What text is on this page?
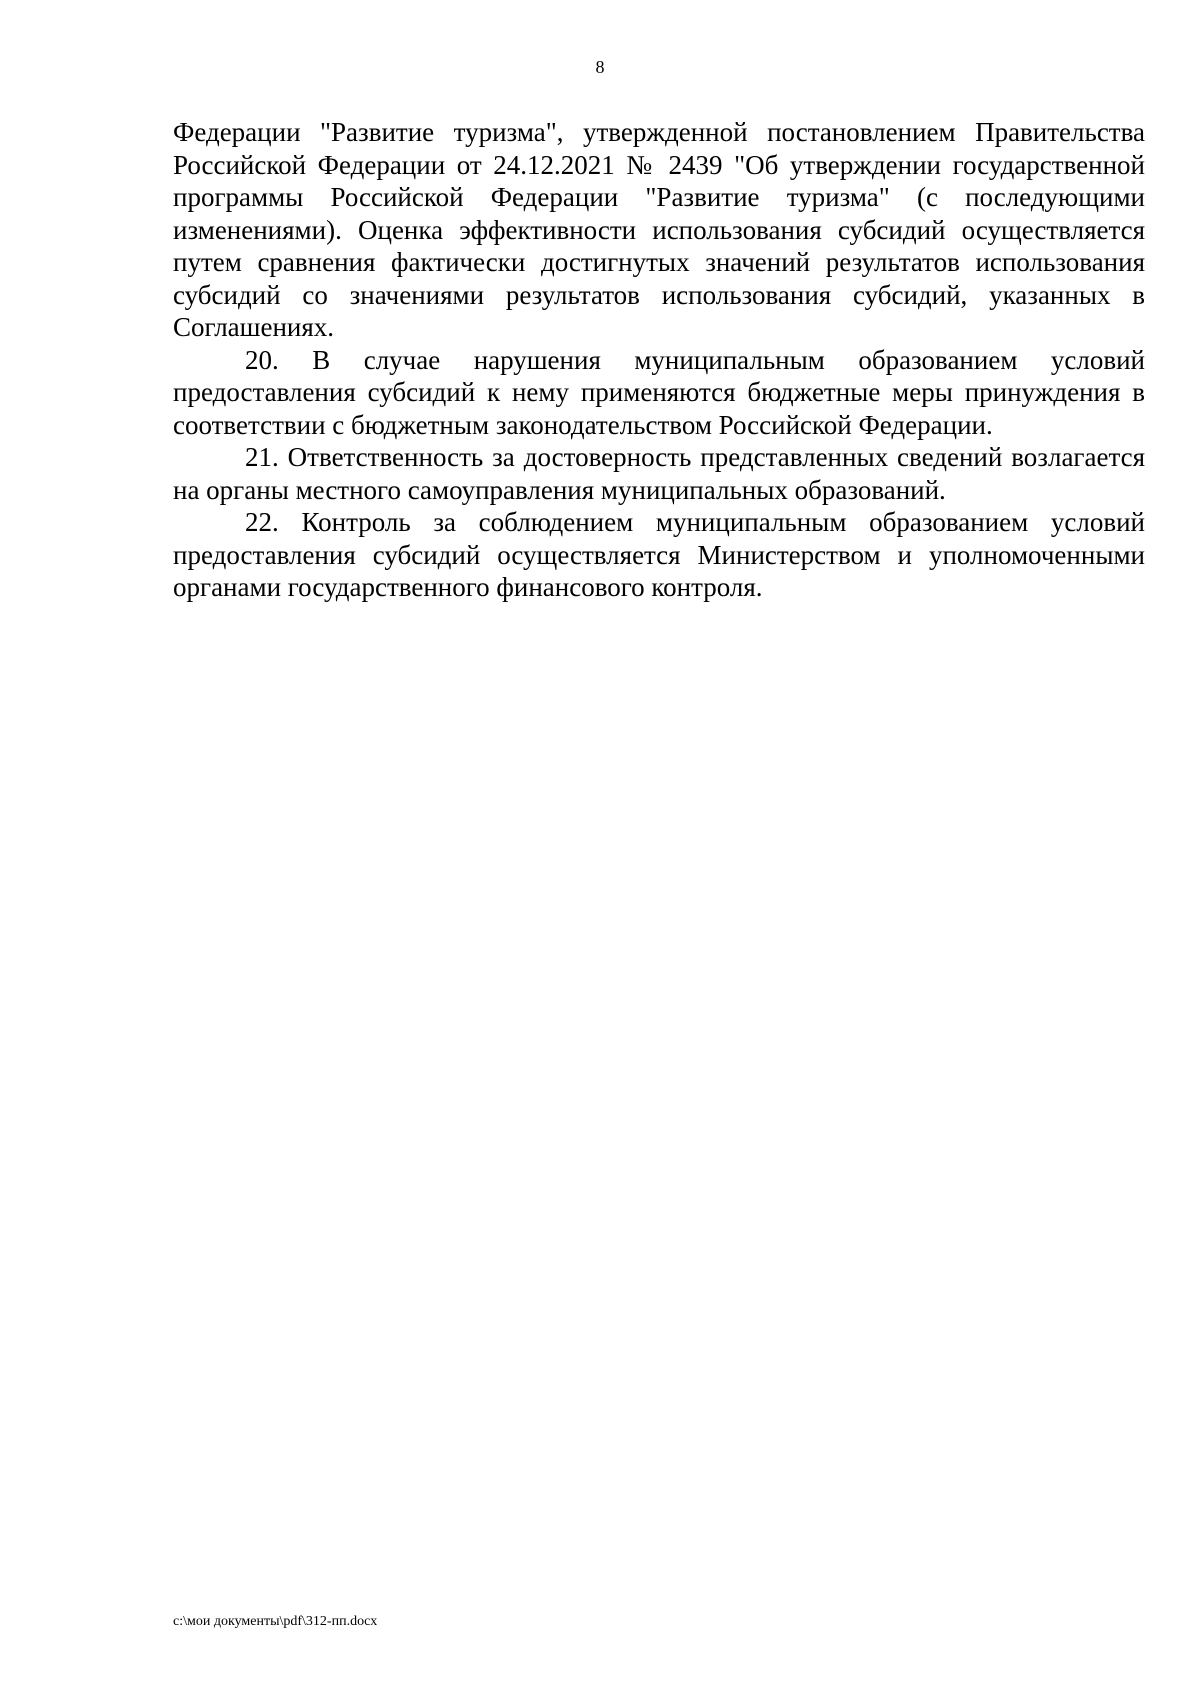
8

Федерации "Развитие туризма", утвержденной постановлением Правительства Российской Федерации от 24.12.2021 № 2439 "Об утверждении государственной программы Российской Федерации "Развитие туризма" (с последующими изменениями). Оценка эффективности использования субсидий осуществляется путем сравнения фактически достигнутых значений результатов использования субсидий со значениями результатов использования субсидий, указанных в Соглашениях.

20. В случае нарушения муниципальным образованием условий предоставления субсидий к нему применяются бюджетные меры принуждения в соответствии с бюджетным законодательством Российской Федерации.

21. Ответственность за достоверность представленных сведений возлагается на органы местного самоуправления муниципальных образований.

22. Контроль за соблюдением муниципальным образованием условий предоставления субсидий осуществляется Министерством и уполномоченными органами государственного финансового контроля.

c:\мои документы\pdf\312-пп.docx
